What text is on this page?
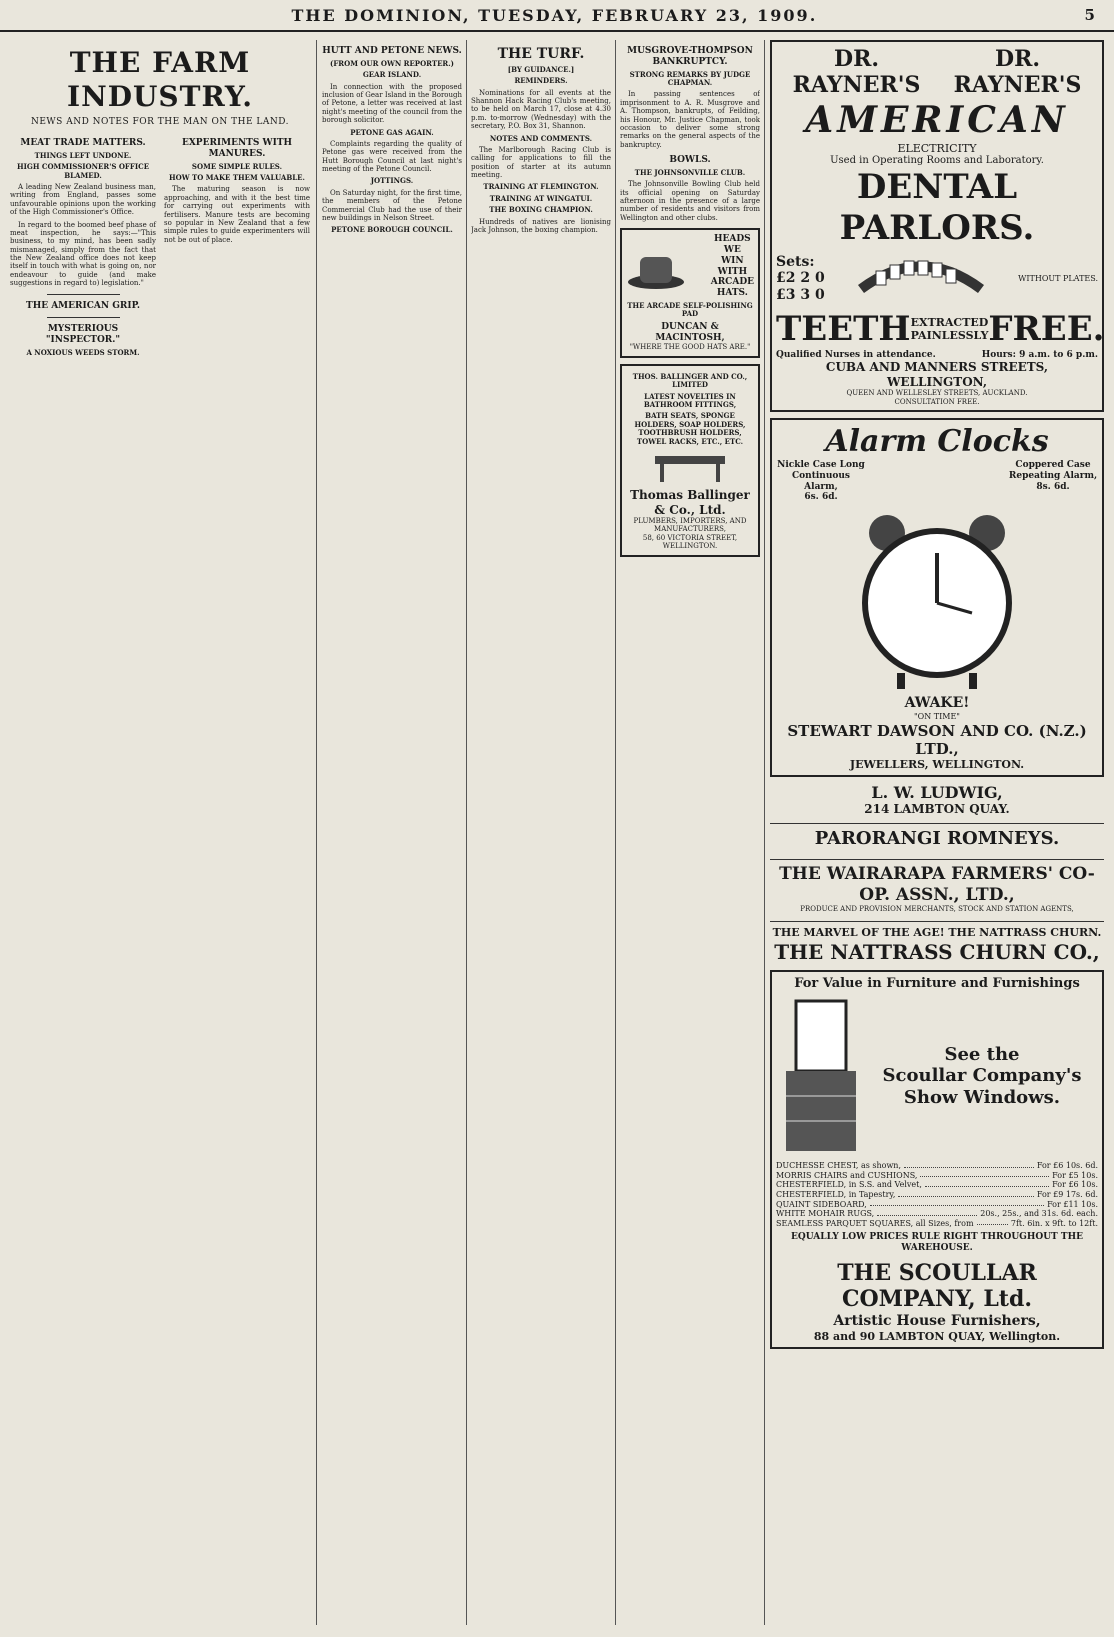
THE DOMINION, TUESDAY, FEBRUARY 23, 1909.	5
THE FARM INDUSTRY.
NEWS AND NOTES FOR THE MAN ON THE LAND.
MEAT TRADE MATTERS.
THINGS LEFT UNDONE.
HIGH COMMISSIONER'S OFFICE BLAMED.

A leading New Zealand business man, writing from England, passes some unfavourable opinions upon the working of the High Commissioner's Office.

In regard to the boomed beef phase of meat inspection, he says:—"This business, to my mind, has been sadly mismanaged, simply from the fact that the New Zealand office does not keep itself in touch with what is going on, nor endeavour to guide (and make suggestions in regard to) legislation."

THE AMERICAN GRIP.
MYSTERIOUS "INSPECTOR."
A NOXIOUS WEEDS STORM.
EXPERIMENTS WITH MANURES.
SOME SIMPLE RULES.
HOW TO MAKE THEM VALUABLE.

The maturing season is now approaching, and with it the best time for carrying out experiments with fertilisers. Manure tests are becoming so popular in New Zealand that a few simple rules to guide experimenters will not be out of place.

HUTT AND PETONE NEWS.
(FROM OUR OWN REPORTER.)
GEAR ISLAND.

In connection with the proposed inclusion of Gear Island in the Borough of Petone, a letter was received at last night's meeting of the council from the borough solicitor.

PETONE GAS AGAIN.

Complaints regarding the quality of Petone gas were received from the Hutt Borough Council at last night's meeting of the Petone Council.

JOTTINGS.

On Saturday night, for the first time, the members of the Petone Commercial Club had the use of their new buildings in Nelson Street.

PETONE BOROUGH COUNCIL.
THE TURF.
[BY GUIDANCE.]
REMINDERS.

Nominations for all events at the Shannon Hack Racing Club's meeting, to be held on March 17, close at 4.30 p.m. to-morrow (Wednesday) with the secretary, P.O. Box 31, Shannon.

NOTES AND COMMENTS.

The Marlborough Racing Club is calling for applications to fill the position of starter at its autumn meeting.

TRAINING AT FLEMINGTON.
TRAINING AT WINGATUI.
THE BOXING CHAMPION.

Hundreds of natives are lionising Jack Johnson, the boxing champion.

MUSGROVE-THOMPSON BANKRUPTCY.
STRONG REMARKS BY JUDGE CHAPMAN.

In passing sentences of imprisonment to A. R. Musgrove and A. Thompson, bankrupts, of Feilding, his Honour, Mr. Justice Chapman, took occasion to deliver some strong remarks on the general aspects of the bankruptcy.

BOWLS.
THE JOHNSONVILLE CLUB.

The Johnsonville Bowling Club held its official opening on Saturday afternoon in the presence of a large number of residents and visitors from Wellington and other clubs.

HEADS
WE
WIN
WITH
ARCADE
HATS.
THE ARCADE SELF-POLISHING PAD
DUNCAN & MACINTOSH,
"WHERE THE GOOD HATS ARE."
THOS. BALLINGER AND CO., LIMITED
LATEST NOVELTIES IN BATHROOM FITTINGS,
BATH SEATS, SPONGE HOLDERS, SOAP HOLDERS, TOOTHBRUSH HOLDERS, TOWEL RACKS, ETC., ETC.
Thomas Ballinger & Co., Ltd.
PLUMBERS, IMPORTERS, AND MANUFACTURERS,
58, 60 VICTORIA STREET, WELLINGTON.
DR. RAYNER'S
DR. RAYNER'S
AMERICAN
ELECTRICITY
Used in Operating Rooms and Laboratory.
DENTAL PARLORS.
Sets:
£2 2 0
£3 3 0
WITHOUT PLATES.
TEETH EXTRACTED PAINLESSLY FREE.
Qualified Nurses in attendance.	Hours: 9 a.m. to 6 p.m.
CUBA AND MANNERS STREETS, WELLINGTON,
QUEEN AND WELLESLEY STREETS, AUCKLAND.
CONSULTATION FREE.
Alarm Clocks
Nickle Case Long Continuous Alarm,
6s. 6d.
Coppered Case Repeating Alarm,
8s. 6d.
AWAKE!
"ON TIME"
STEWART DAWSON AND CO. (N.Z.) LTD.,
JEWELLERS, WELLINGTON.
L. W. LUDWIG,
214 LAMBTON QUAY.
PARORANGI ROMNEYS.
THE WAIRARAPA FARMERS' CO-OP. ASSN., LTD.,
PRODUCE AND PROVISION MERCHANTS, STOCK AND STATION AGENTS,
THE MARVEL OF THE AGE! THE NATTRASS CHURN.
THE NATTRASS CHURN CO.,
For Value in Furniture and Furnishings
See the
Scoullar Company's
Show Windows.
DUCHESSE CHEST, as shown,	For £6 10s. 6d.
MORRIS CHAIRS and CUSHIONS,	For £5 10s.
CHESTERFIELD, in S.S. and Velvet,	For £6 10s.
CHESTERFIELD, in Tapestry,	For £9 17s. 6d.
QUAINT SIDEBOARD,	For £11 10s.
WHITE MOHAIR RUGS,	20s., 25s., and 31s. 6d. each.
SEAMLESS PARQUET SQUARES, all Sizes, from	7ft. 6in. x 9ft. to 12ft.
EQUALLY LOW PRICES RULE RIGHT THROUGHOUT THE WAREHOUSE.
THE SCOULLAR COMPANY, Ltd.
Artistic House Furnishers,
88 and 90 LAMBTON QUAY, Wellington.
